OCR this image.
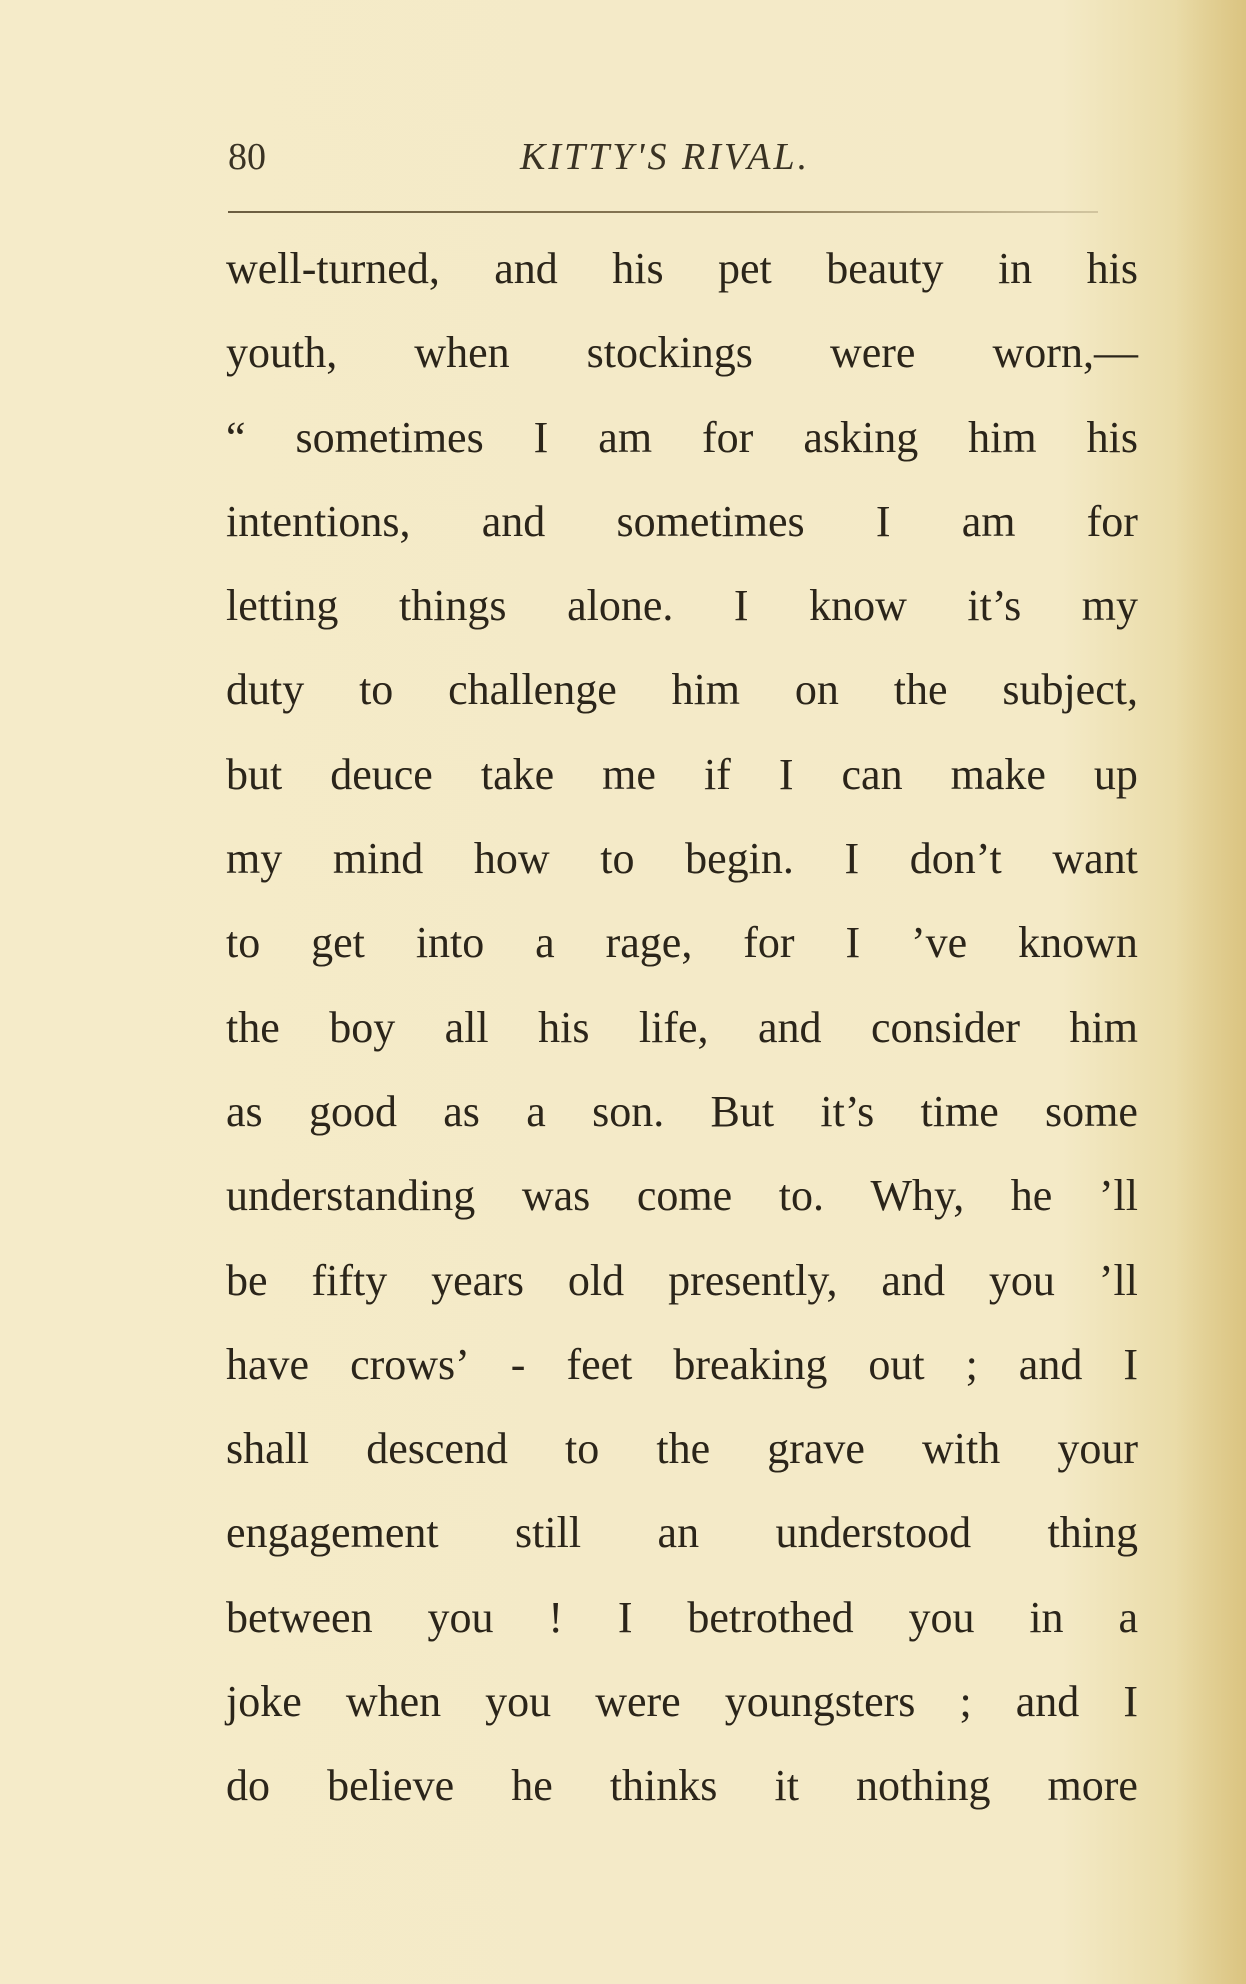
80	KITTY'S RIVAL.
well-turned, and his pet beauty in his
youth, when stockings were worn,—
“ sometimes I am for asking him his
intentions, and sometimes I am for
letting things alone. I know it’s my
duty to challenge him on the subject,
but deuce take me if I can make up
my mind how to begin. I don’t want
to get into a rage, for I ’ve known
the boy all his life, and consider him
as good as a son. But it’s time some
understanding was come to. Why, he ’ll
be fifty years old presently, and you ’ll
have crows’ - feet breaking out ; and I
shall descend to the grave with your
engagement still an understood thing
between you ! I betrothed you in a
joke when you were youngsters ; and I
do believe he thinks it nothing more
